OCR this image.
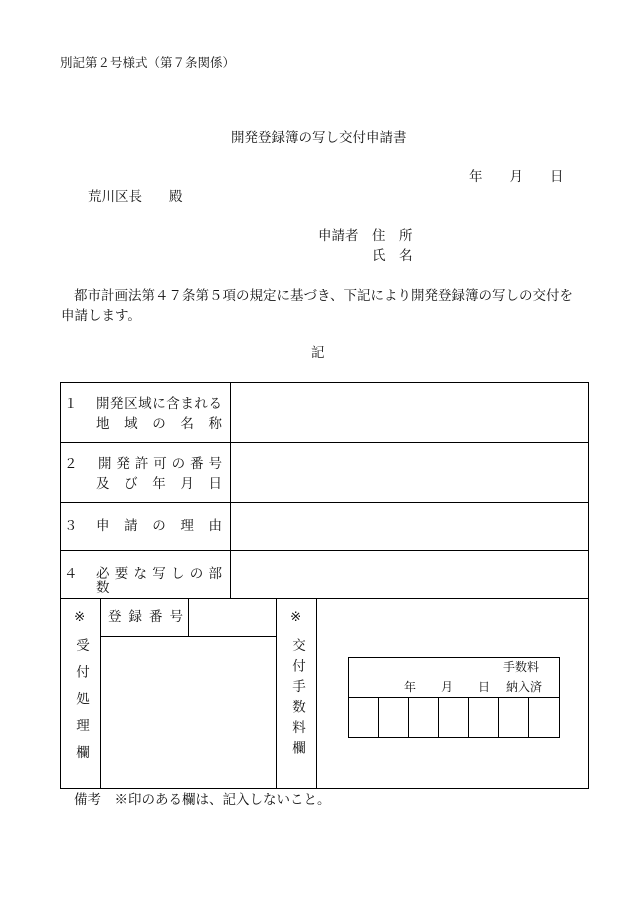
別記第２号様式（第７条関係）
開発登録簿の写し交付申請書
年　　月　　日
荒川区長　　殿
申請者 住　所
氏　名
都市計画法第４７条第５項の規定に基づき、下記により開発登録簿の写しの交付を
申請します。
記
１ 開発区域に含まれる
地　域　の　名　称
２ 開 発 許 可 の 番 号
及　び　年　月　日
３ 申　請　の　理　由
４ 必 要 な 写 し の 部 数
※
受付処理欄
登 録 番 号	※
交付手数料欄	手数料
年 月 日 納入済
備考　※印のある欄は、記入しないこと。
